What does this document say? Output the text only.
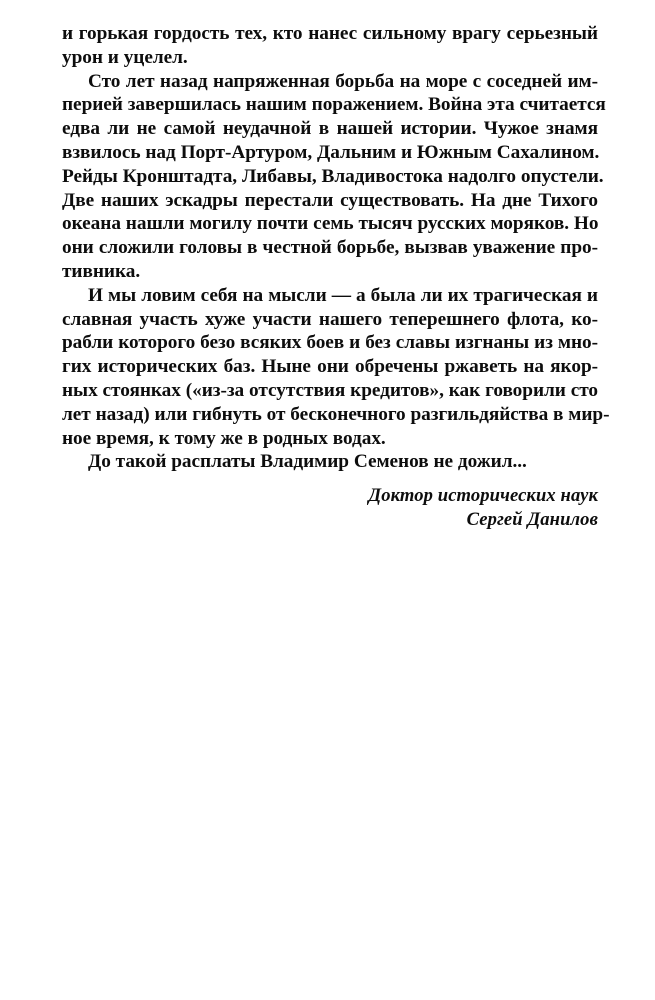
и горькая гордость тех, кто нанес сильному врагу серьезный
урон и уцелел.

Сто лет назад напряженная борьба на море с соседней им-
перией завершилась нашим поражением. Война эта считается
едва ли не самой неудачной в нашей истории. Чужое знамя
взвилось над Порт-Артуром, Дальним и Южным Сахалином.
Рейды Кронштадта, Либавы, Владивостока надолго опустели.
Две наших эскадры перестали существовать. На дне Тихого
океана нашли могилу почти семь тысяч русских моряков. Но
они сложили головы в честной борьбе, вызвав уважение про-
тивника.

И мы ловим себя на мысли — а была ли их трагическая и
славная участь хуже участи нашего теперешнего флота, ко-
рабли которого безо всяких боев и без славы изгнаны из мно-
гих исторических баз. Ныне они обречены ржаветь на якор-
ных стоянках («из-за отсутствия кредитов», как говорили сто
лет назад) или гибнуть от бесконечного разгильдяйства в мир-
ное время, к тому же в родных водах.

До такой расплаты Владимир Семенов не дожил...

Доктор исторических наук
Сергей Данилов
